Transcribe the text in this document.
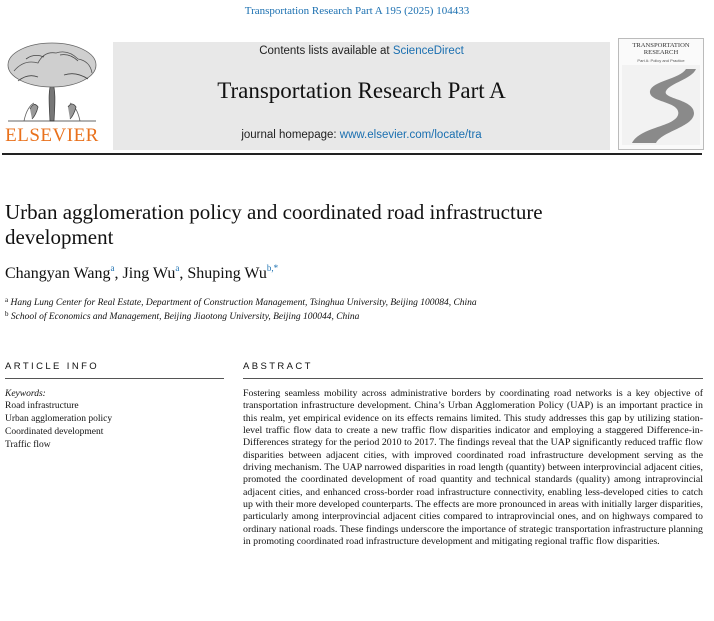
Transportation Research Part A 195 (2025) 104433
ELSEVIER
Contents lists available at ScienceDirect
Transportation Research Part A
journal homepage: www.elsevier.com/locate/tra
TRANSPORTATION RESEARCH
Part A: Policy and Practice
Urban agglomeration policy and coordinated road infrastructure development
Changyan Wang$^a$, Jing Wu$^a$, Shuping $Wu^{b,*}$
$^a$ Hang Lung Center for Real Estate, Department of Construction Management, Tsinghua University, Beijing 100084, China
$^b$ School of Economics and Management, Beijing Jiaotong University, Beijing 100044, China
ARTICLE INFO	ABSTRACT
Keywords:
Road infrastructure
Urban agglomeration policy
Coordinated development
Traffic flow
Fostering seamless mobility across administrative borders by coordinating road networks is a key objective of transportation infrastructure development. China’s Urban Agglomeration Policy (UAP) is an important practice in this realm, yet empirical evidence on its effects remains limited. This study addresses this gap by utilizing station-level traffic flow data to create a new traffic flow disparities indicator and employing a staggered Difference-in-Differences strategy for the period 2010 to 2017. The findings reveal that the UAP significantly reduced traffic flow disparities between adjacent cities, with improved coordinated road infrastructure development serving as the driving mechanism. The UAP narrowed disparities in road length (quantity) between interprovincial adjacent cities, promoted the coordinated development of road quantity and technical standards (quality) among intraprovincial adjacent cities, and enhanced cross-border road infrastructure connectivity, enabling less-developed cities to catch up with their more developed counterparts. The effects are more pronounced in areas with initially larger disparities, particularly among interprovincial adjacent cities compared to intraprovincial ones, and on highways compared to ordinary national roads. These findings underscore the importance of strategic transportation infrastructure planning in promoting coordinated road infrastructure development and mitigating regional traffic flow disparities.
